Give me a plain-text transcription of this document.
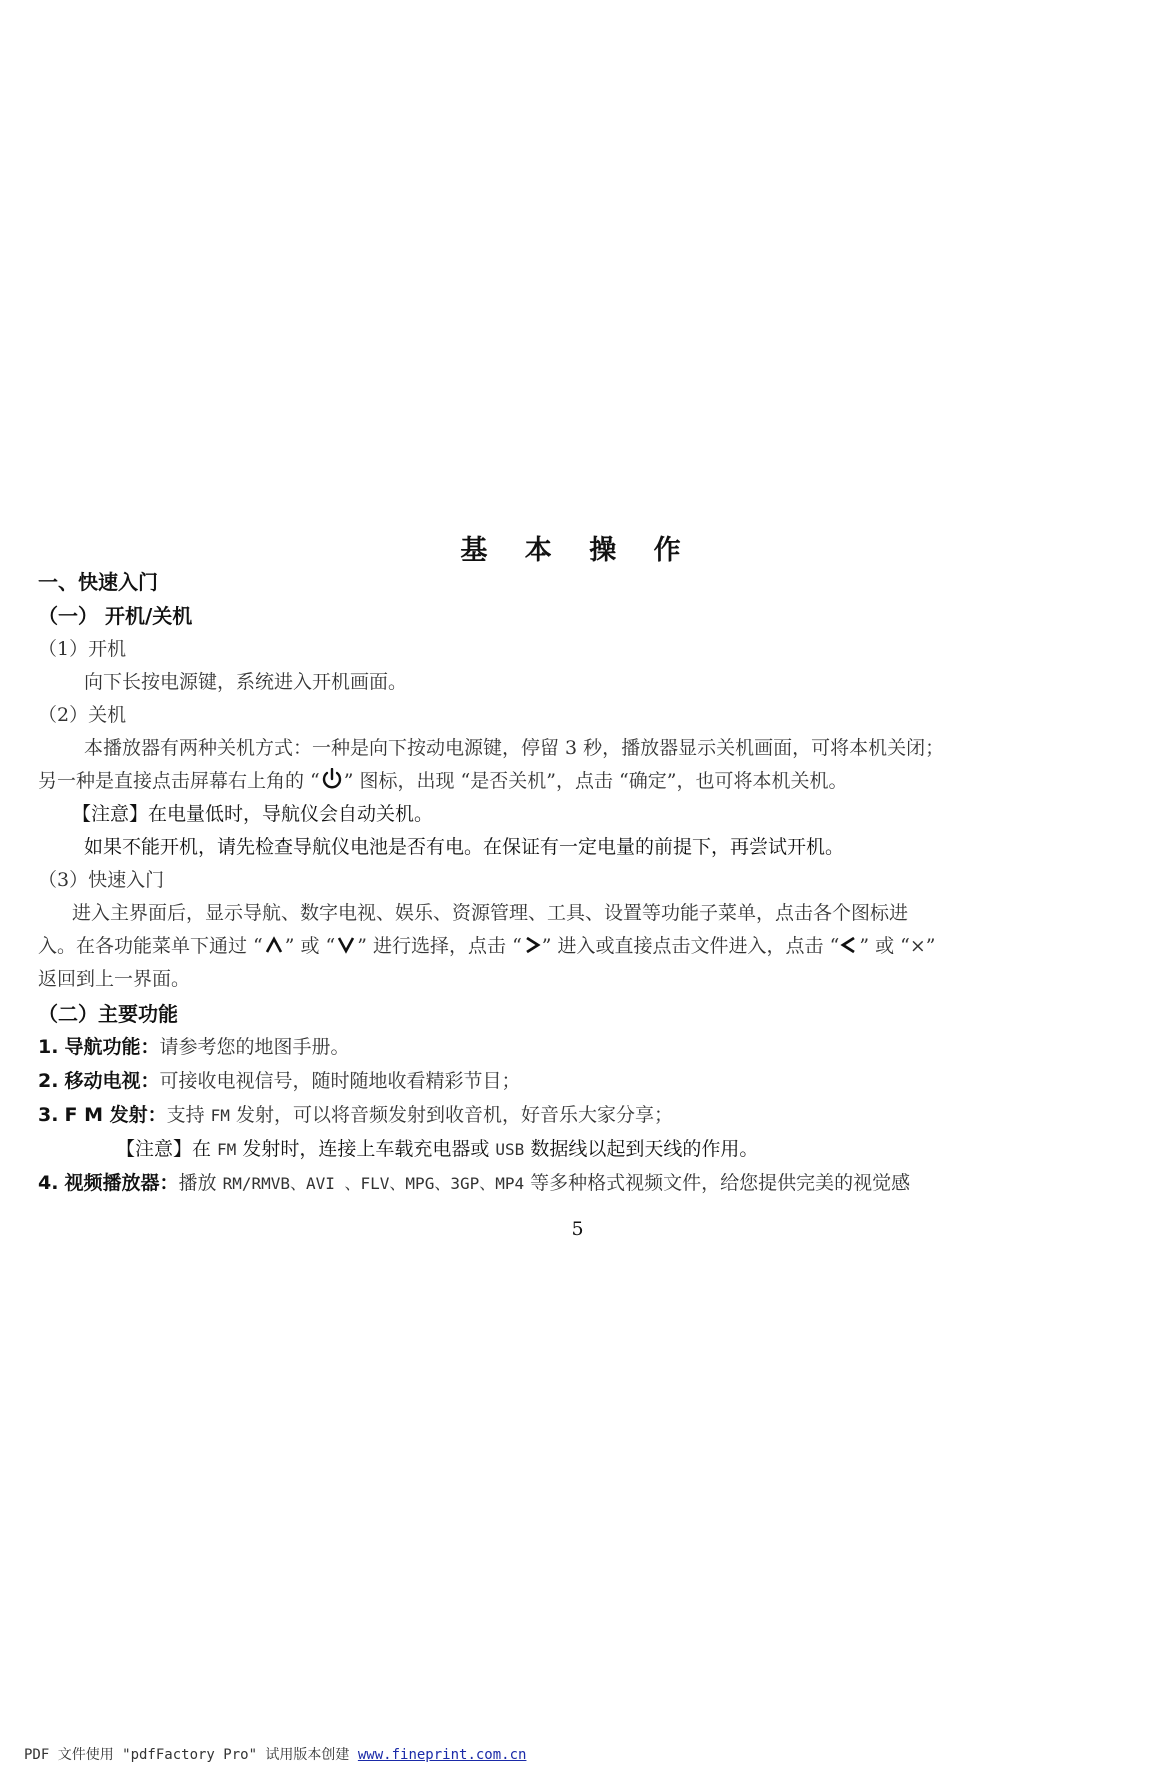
基 本 操 作
一、快速入门
（一） 开机/关机
（1）开机
向下长按电源键，系统进入开机画面。
（2）关机
本播放器有两种关机方式：一种是向下按动电源键，停留 3 秒，播放器显示关机画面，可将本机关闭；
另一种是直接点击屏幕右上角的 “ ” 图标，出现 “是否关机”，点击 “确定”，也可将本机关机。
【注意】在电量低时，导航仪会自动关机。
如果不能开机，请先检查导航仪电池是否有电。在保证有一定电量的前提下，再尝试开机。
（3）快速入门
进入主界面后，显示导航、数字电视、娱乐、资源管理、工具、设置等功能子菜单，点击各个图标进
入。在各功能菜单下通过 “ ” 或 “ ” 进行选择，点击 “ ” 进入或直接点击文件进入，点击 “ ” 或 “×”
返回到上一界面。
（二）主要功能
1. 导航功能：请参考您的地图手册。
2. 移动电视：可接收电视信号，随时随地收看精彩节目；
3. F M 发射：支持 FM 发射，可以将音频发射到收音机，好音乐大家分享；
【注意】在 FM 发射时，连接上车载充电器或 USB 数据线以起到天线的作用。
4. 视频播放器：播放 RM/RMVB、AVI 、FLV、MPG、3GP、MP4 等多种格式视频文件，给您提供完美的视觉感
5
PDF 文件使用 "pdfFactory Pro" 试用版本创建 www.fineprint.com.cn
